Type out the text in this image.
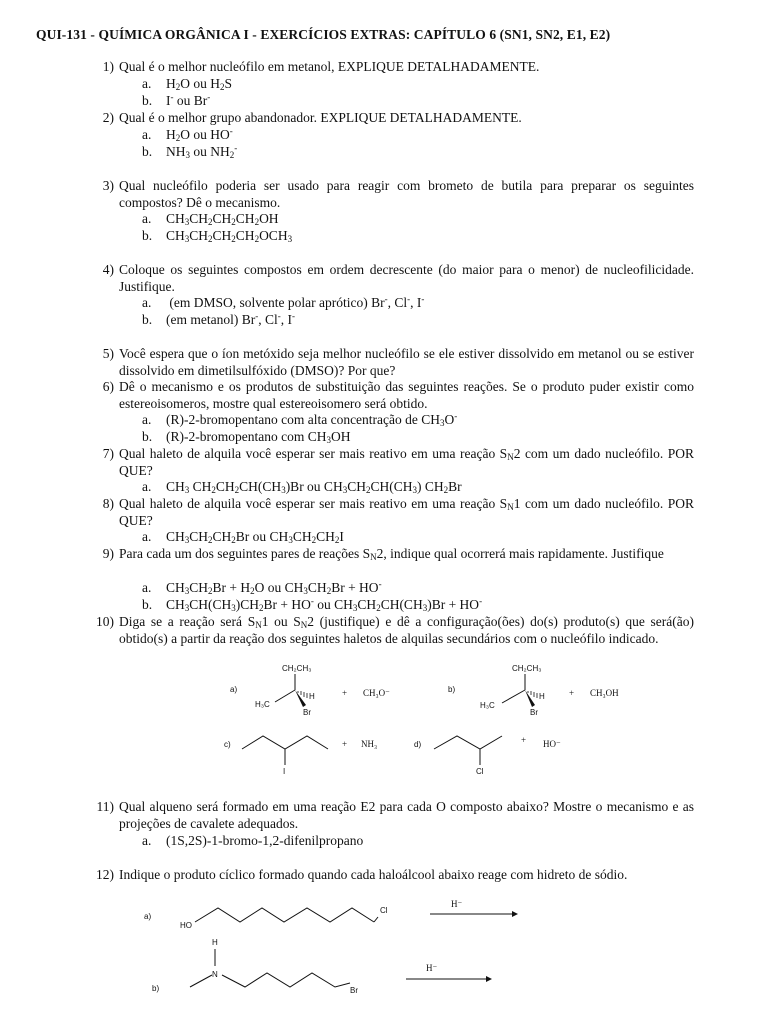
QUI-131 - QUÍMICA ORGÂNICA I - EXERCÍCIOS EXTRAS: CAPÍTULO 6 (SN1, SN2, E1, E2)
1) Qual é o melhor nucleófilo em metanol, EXPLIQUE DETALHADAMENTE.
a. $H_2O$ ou $H_2S$
b. I- ou Br-
2) Qual é o melhor grupo abandonador. EXPLIQUE DETALHADAMENTE.
a. $H_2O$ ou HO-
b. $NH_3$ ou $NH_2^-$
3) Qual nucleófilo poderia ser usado para reagir com brometo de butila para preparar os seguintes compostos? Dê o mecanismo.
a. $CH_3CH_2CH_2CH_2OH$
b. $CH_3CH_2CH_2CH_2OCH_3$
4) Coloque os seguintes compostos em ordem decrescente (do maior para o menor) de nucleofilicidade. Justifique.
a. (em DMSO, solvente polar aprótico) Br-, Cl-, I-
b. (em metanol) Br-, Cl-, I-
5) Você espera que o íon metóxido seja melhor nucleófilo se ele estiver dissolvido em metanol ou se estiver dissolvido em dimetilsulfóxido (DMSO)? Por que?
6) Dê o mecanismo e os produtos de substituição das seguintes reações. Se o produto puder existir como estereoisomeros, mostre qual estereoisomero será obtido.
a. (R)-2-bromopentano com alta concentração de $CH_3O^-$
b. (R)-2-bromopentano com $CH_3OH$
7) Qual haleto de alquila você esperar ser mais reativo em uma reação $S_N2$ com um dado nucleófilo. POR QUE?
a. $CH_3$ $CH_2CH_2CH(CH_3)Br$ ou $CH_3CH_2CH(CH_3)$ $CH_2Br$
8) Qual haleto de alquila você esperar ser mais reativo em uma reação $S_N1$ com um dado nucleófilo. POR QUE?
a. $CH_3CH_2CH_2Br$ ou $CH_3CH_2CH_2I$
9) Para cada um dos seguintes pares de reações $S_N2$, indique qual ocorrerá mais rapidamente. Justifique
a. $CH_3CH_2Br + H_2O$ ou $CH_3CH_2Br + HO^-$
b. $CH_3CH(CH_3)CH_2Br + HO^-$ ou $CH_3CH_2CH(CH_3)Br + HO^-$
10) Diga se a reação será $S_N1$ ou $S_N2$ (justifique) e dê a configuração(ões) do(s) produto(s) que será(ão) obtido(s) a partir da reação dos seguintes haletos de alquilas secundários com o nucleófilo indicado.
a)
CH₂CH₃
H₃C
H
Br
+ CH₃O⁻	b)
CH₂CH₃
H₃C
H
Br
+ CH₃OH
c)
I
+ NH₃	d)
Cl
+ HO⁻
11) Qual alqueno será formado em uma reação E2 para cada O composto abaixo? Mostre o mecanismo e as projeções de cavalete adequados.
a. (1S,2S)-1-bromo-1,2-difenilpropano
12) Indique o produto cíclico formado quando cada haloálcool abaixo reage com hidreto de sódio.
a)
HO
Cl
H⁻
b)
H
N
Br
H⁻
